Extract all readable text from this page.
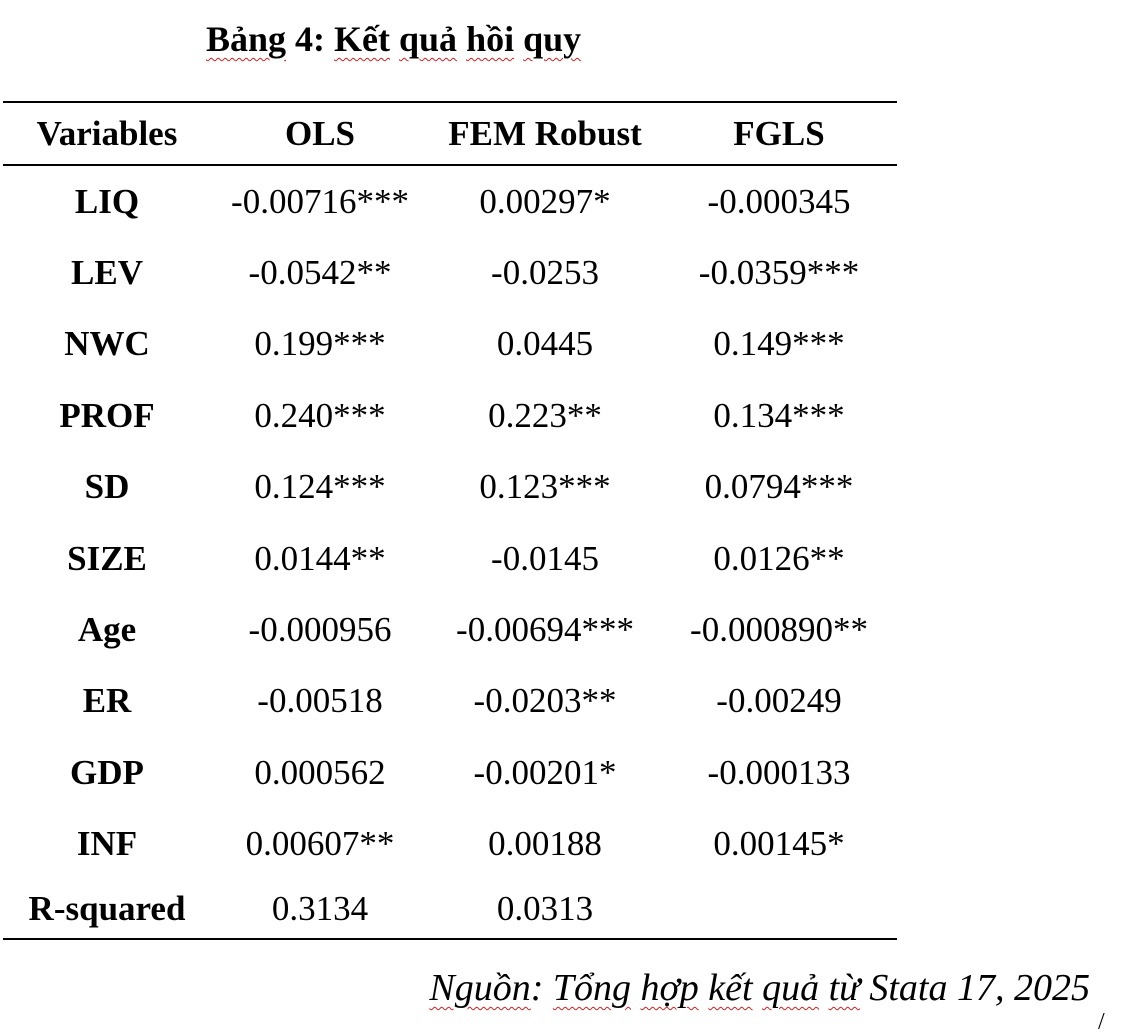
Bảng 4: Kết quả hồi quy
Variables	OLS	FEM Robust	FGLS

LIQ	-0.00716***	0.00297*	-0.000345
LEV	-0.0542**	-0.0253	-0.0359***
NWC	0.199***	0.0445	0.149***
PROF	0.240***	0.223**	0.134***
SD	0.124***	0.123***	0.0794***
SIZE	0.0144**	-0.0145	0.0126**
Age	-0.000956	-0.00694***	-0.000890**
ER	-0.00518	-0.0203**	-0.00249
GDP	0.000562	-0.00201*	-0.000133
INF	0.00607**	0.00188	0.00145*
R-squared	0.3134	0.0313	
Nguồn: Tổng hợp kết quả từ Stata 17, 2025
/
